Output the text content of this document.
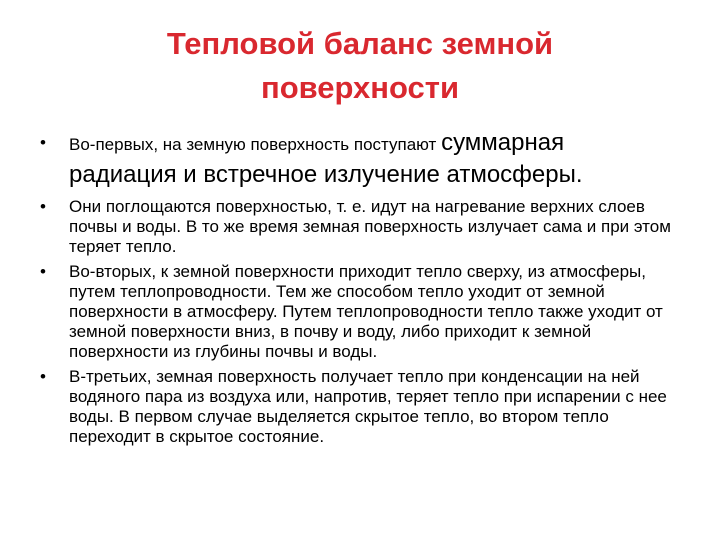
Тепловой баланс земной
поверхности
• Во-первых, на земную поверхность поступают суммарная
радиация и встречное излучение атмосферы.
• Они поглощаются поверхностью, т. е. идут на нагревание верхних слоев почвы и воды. В то же время земная поверхность излучает сама и при этом теряет тепло.
• Во-вторых, к земной поверхности приходит тепло сверху, из атмосферы, путем теплопроводности. Тем же способом тепло уходит от земной поверхности в атмосферу. Путем теплопроводности тепло также уходит от земной поверхности вниз, в почву и воду, либо приходит к земной поверхности из глубины почвы и воды.
• В-третьих, земная поверхность получает тепло при конденсации на ней водяного пара из воздуха или, напротив, теряет тепло при испарении с нее воды. В первом случае выделяется скрытое тепло, во втором тепло переходит в скрытое состояние.
